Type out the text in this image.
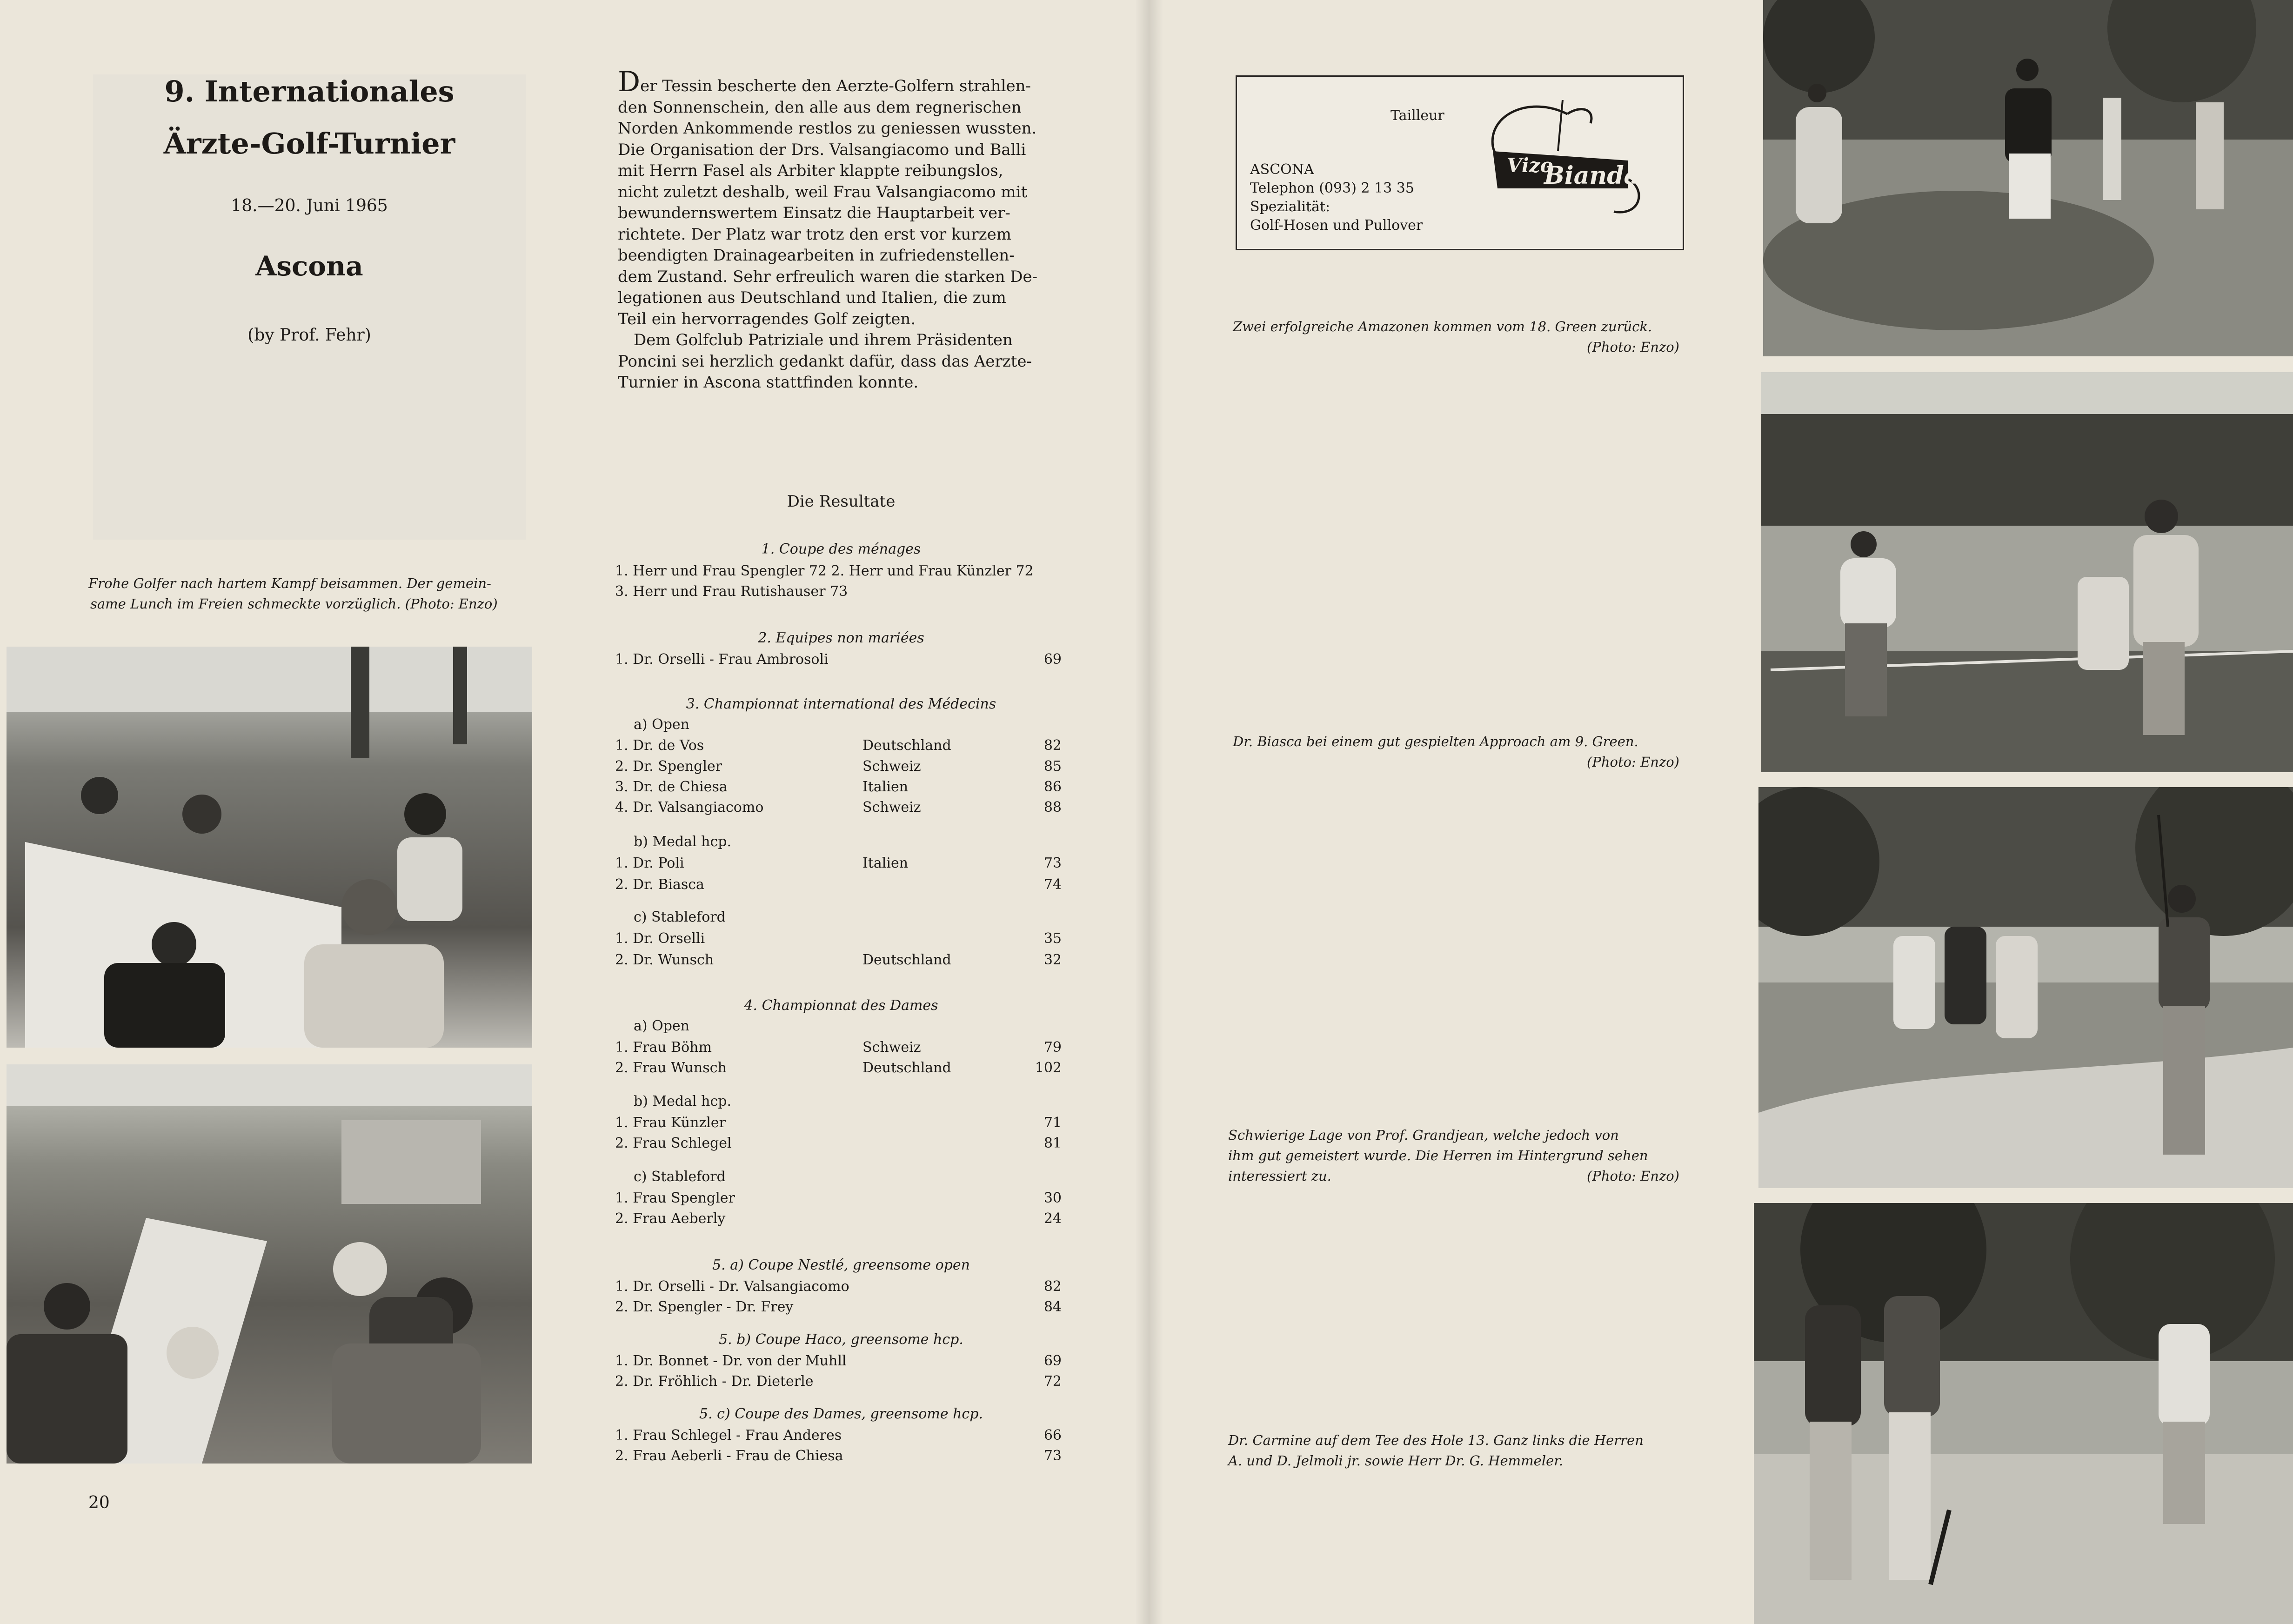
9. Internationales
Ärzte-Golf-Turnier
18.—20. Juni 1965
Ascona
(by Prof. Fehr)
Frohe Golfer nach hartem Kampf beisammen. Der gemein-
same Lunch im Freien schmeckte vorzüglich. (Photo: Enzo)
Der Tessin bescherte den Aerzte-Golfern strahlen-
den Sonnenschein, den alle aus dem regnerischen
Norden Ankommende restlos zu geniessen wussten.
Die Organisation der Drs. Valsangiacomo und Balli
mit Herrn Fasel als Arbiter klappte reibungslos,
nicht zuletzt deshalb, weil Frau Valsangiacomo mit
bewundernswertem Einsatz die Hauptarbeit ver-
richtete. Der Platz war trotz den erst vor kurzem
beendigten Drainagearbeiten in zufriedenstellen-
dem Zustand. Sehr erfreulich waren die starken De-
legationen aus Deutschland und Italien, die zum
Teil ein hervorragendes Golf zeigten.
Dem Golfclub Patriziale und ihrem Präsidenten
Poncini sei herzlich gedankt dafür, dass das Aerzte-
Turnier in Ascona stattfinden konnte.
Die Resultate
1. Coupe des ménages
1. Herr und Frau Spengler 72 2. Herr und Frau Künzler 72
3. Herr und Frau Rutishauser 73
2. Equipes non mariées
1. Dr. Orselli - Frau Ambrosoli	69
3. Championnat international des Médecins
a) Open
1. Dr. de Vos	Deutschland	82
2. Dr. Spengler	Schweiz	85
3. Dr. de Chiesa	Italien	86
4. Dr. Valsangiacomo	Schweiz	88
b) Medal hcp.
1. Dr. Poli	Italien	73
2. Dr. Biasca	74
c) Stableford
1. Dr. Orselli	35
2. Dr. Wunsch	Deutschland	32
4. Championnat des Dames
a) Open
1. Frau Böhm	Schweiz	79
2. Frau Wunsch	Deutschland	102
b) Medal hcp.
1. Frau Künzler	71
2. Frau Schlegel	81
c) Stableford
1. Frau Spengler	30
2. Frau Aeberly	24
5. a) Coupe Nestlé, greensome open
1. Dr. Orselli - Dr. Valsangiacomo	82
2. Dr. Spengler - Dr. Frey	84
5. b) Coupe Haco, greensome hcp.
1. Dr. Bonnet - Dr. von der Muhll	69
2. Dr. Fröhlich - Dr. Dieterle	72
5. c) Coupe des Dames, greensome hcp.
1. Frau Schlegel - Frau Anderes	66
2. Frau Aeberli - Frau de Chiesa	73
20
Tailleur
ASCONA
Telephon (093) 2 13 35
Spezialität:
Golf-Hosen und Pullover
Vizo
Bianda
Zwei erfolgreiche Amazonen kommen vom 18. Green zurück.
(Photo: Enzo)
Dr. Biasca bei einem gut gespielten Approach am 9. Green.
(Photo: Enzo)
Schwierige Lage von Prof. Grandjean, welche jedoch von
ihm gut gemeistert wurde. Die Herren im Hintergrund sehen
interessiert zu.	(Photo: Enzo)
Dr. Carmine auf dem Tee des Hole 13. Ganz links die Herren
A. und D. Jelmoli jr. sowie Herr Dr. G. Hemmeler.
